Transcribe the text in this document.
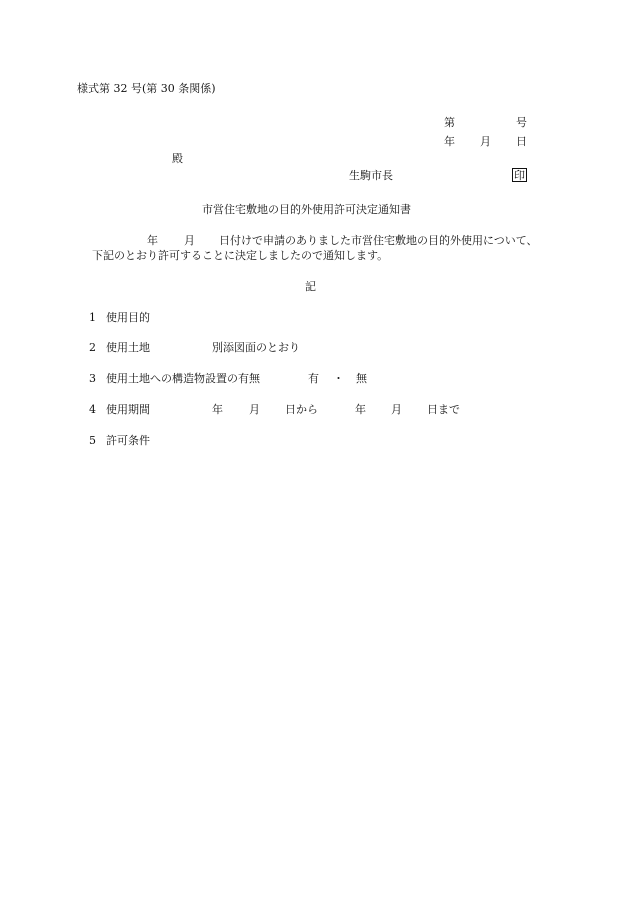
様式第 32 号(第 30 条関係)
第	号
年 月 日
殿
生駒市長	印
市営住宅敷地の目的外使用許可決定通知書
年 月 日付けで申請のありました市営住宅敷地の目的外使用について、
下記のとおり許可することに決定しましたので通知します。
記
1 使用目的
2 使用土地	別添図面のとおり
3 使用土地への構造物設置の有無	有 ・ 無
4 使用期間	年 月 日から	年 月 日まで
5 許可条件
